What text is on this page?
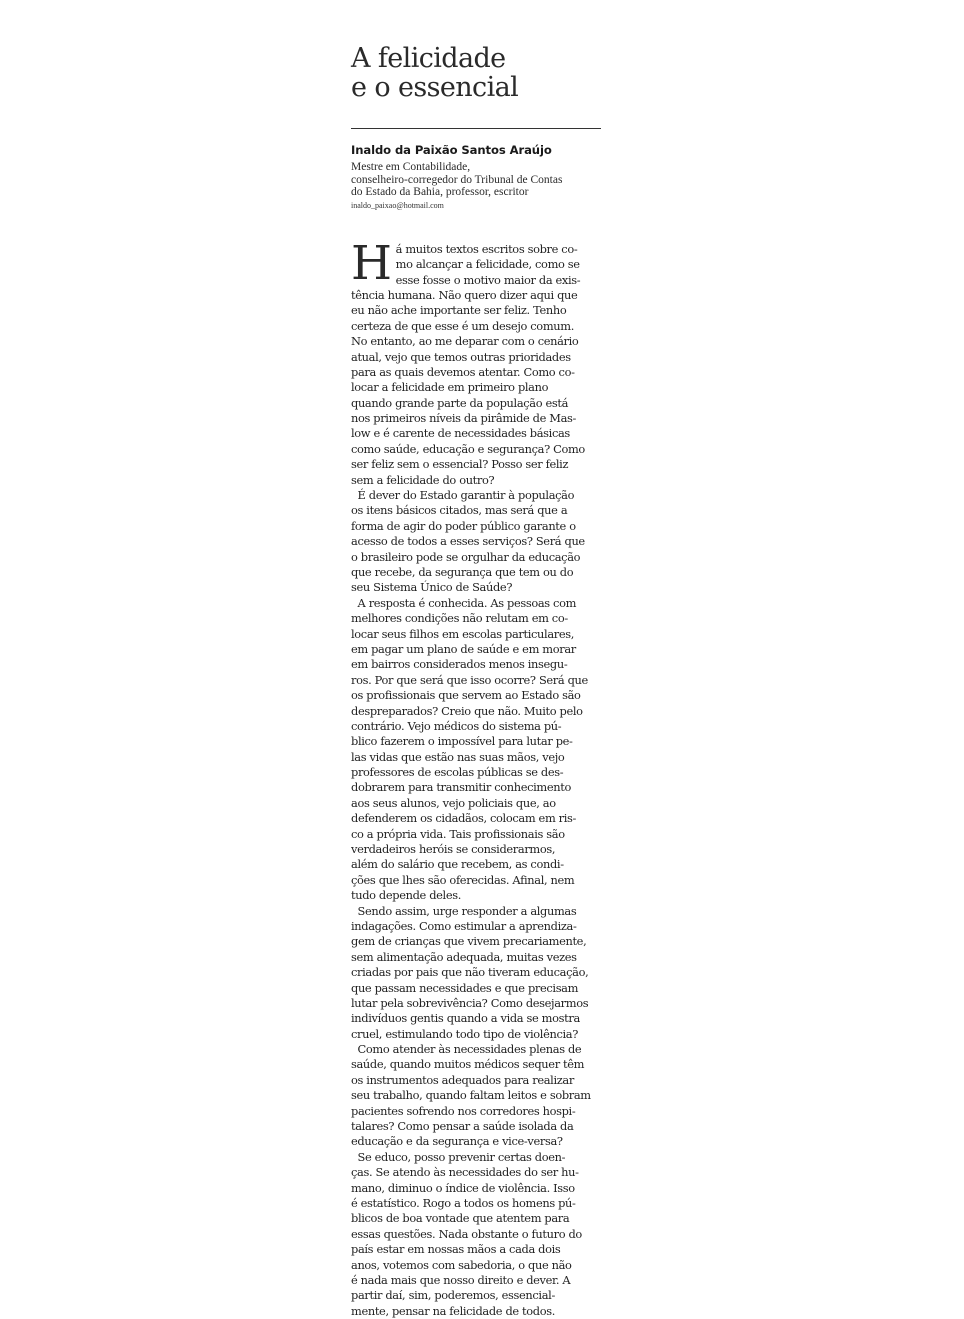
A felicidade
e o essencial
Inaldo da Paixão Santos Araújo
Mestre em Contabilidade,
conselheiro-corregedor do Tribunal de Contas
do Estado da Bahia, professor, escritor
inaldo_paixao@hotmail.com
H á muitos textos escritos sobre co-
mo alcançar a felicidade, como se
esse fosse o motivo maior da exis-
tência humana. Não quero dizer aqui que
eu não ache importante ser feliz. Tenho
certeza de que esse é um desejo comum.
No entanto, ao me deparar com o cenário
atual, vejo que temos outras prioridades
para as quais devemos atentar. Como co-
locar a felicidade em primeiro plano
quando grande parte da população está
nos primeiros níveis da pirâmide de Mas-
low e é carente de necessidades básicas
como saúde, educação e segurança? Como
ser feliz sem o essencial? Posso ser feliz
sem a felicidade do outro?
É dever do Estado garantir à população
os itens básicos citados, mas será que a
forma de agir do poder público garante o
acesso de todos a esses serviços? Será que
o brasileiro pode se orgulhar da educação
que recebe, da segurança que tem ou do
seu Sistema Único de Saúde?
A resposta é conhecida. As pessoas com
melhores condições não relutam em co-
locar seus filhos em escolas particulares,
em pagar um plano de saúde e em morar
em bairros considerados menos insegu-
ros. Por que será que isso ocorre? Será que
os profissionais que servem ao Estado são
despreparados? Creio que não. Muito pelo
contrário. Vejo médicos do sistema pú-
blico fazerem o impossível para lutar pe-
las vidas que estão nas suas mãos, vejo
professores de escolas públicas se des-
dobrarem para transmitir conhecimento
aos seus alunos, vejo policiais que, ao
defenderem os cidadãos, colocam em ris-
co a própria vida. Tais profissionais são
verdadeiros heróis se considerarmos,
além do salário que recebem, as condi-
ções que lhes são oferecidas. Afinal, nem
tudo depende deles.
Sendo assim, urge responder a algumas
indagações. Como estimular a aprendiza-
gem de crianças que vivem precariamente,
sem alimentação adequada, muitas vezes
criadas por pais que não tiveram educação,
que passam necessidades e que precisam
lutar pela sobrevivência? Como desejarmos
indivíduos gentis quando a vida se mostra
cruel, estimulando todo tipo de violência?
Como atender às necessidades plenas de
saúde, quando muitos médicos sequer têm
os instrumentos adequados para realizar
seu trabalho, quando faltam leitos e sobram
pacientes sofrendo nos corredores hospi-
talares? Como pensar a saúde isolada da
educação e da segurança e vice-versa?
Se educo, posso prevenir certas doen-
ças. Se atendo às necessidades do ser hu-
mano, diminuo o índice de violência. Isso
é estatístico. Rogo a todos os homens pú-
blicos de boa vontade que atentem para
essas questões. Nada obstante o futuro do
país estar em nossas mãos a cada dois
anos, votemos com sabedoria, o que não
é nada mais que nosso direito e dever. A
partir daí, sim, poderemos, essencial-
mente, pensar na felicidade de todos.
